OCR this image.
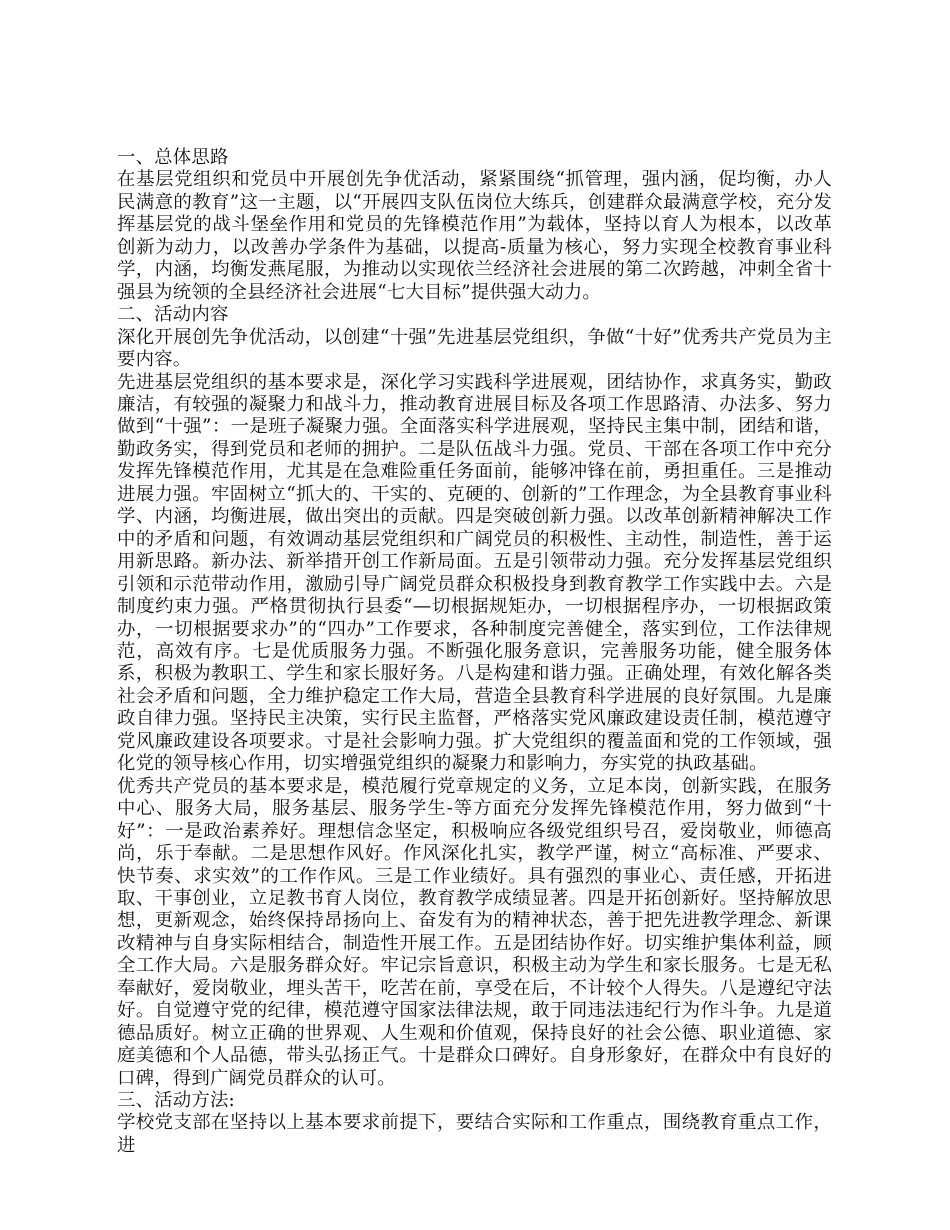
一、总体思路

在基层党组织和党员中开展创先争优活动，紧紧围绕“抓管理，强内涵，促均衡，办人民满意的教育”这一主题，以“开展四支队伍岗位大练兵，创建群众最满意学校，充分发挥基层党的战斗堡垒作用和党员的先锋模范作用”为载体，坚持以育人为根本，以改革创新为动力，以改善办学条件为基础，以提高-质量为核心，努力实现全校教育事业科学，内涵，均衡发燕尾服，为推动以实现依兰经济社会进展的第二次跨越，冲刺全省十强县为统领的全县经济社会进展“七大目标”提供强大动力。

二、活动内容

深化开展创先争优活动，以创建“十强”先进基层党组织，争做“十好”优秀共产党员为主要内容。

先进基层党组织的基本要求是，深化学习实践科学进展观，团结协作，求真务实，勤政廉洁，有较强的凝聚力和战斗力，推动教育进展目标及各项工作思路清、办法多、努力做到“十强”：一是班子凝聚力强。全面落实科学进展观，坚持民主集中制，团结和谐，勤政务实，得到党员和老师的拥护。二是队伍战斗力强。党员、干部在各项工作中充分发挥先锋模范作用，尤其是在急难险重任务面前，能够冲锋在前，勇担重任。三是推动进展力强。牢固树立“抓大的、干实的、克硬的、创新的”工作理念，为全县教育事业科学、内涵，均衡进展，做出突出的贡献。四是突破创新力强。以改革创新精神解决工作中的矛盾和问题，有效调动基层党组织和广阔党员的积极性、主动性，制造性，善于运用新思路。新办法、新举措开创工作新局面。五是引领带动力强。充分发挥基层党组织引领和示范带动作用，激励引导广阔党员群众积极投身到教育教学工作实践中去。六是制度约束力强。严格贯彻执行县委“—切根据规矩办，一切根据程序办，一切根据政策办，一切根据要求办”的“四办”工作要求，各种制度完善健全，落实到位，工作法律规范，高效有序。七是优质服务力强。不断强化服务意识，完善服务功能，健全服务体系，积极为教职工、学生和家长服好务。八是构建和谐力强。正确处理，有效化解各类社会矛盾和问题，全力维护稳定工作大局，营造全县教育科学进展的良好氛围。九是廉政自律力强。坚持民主决策，实行民主监督，严格落实党风廉政建设责任制，模范遵守党风廉政建设各项要求。寸是社会影响力强。扩大党组织的覆盖面和党的工作领域，强化党的领导核心作用，切实增强党组织的凝聚力和影响力，夯实党的执政基础。

优秀共产党员的基本要求是，模范履行党章规定的义务，立足本岗，创新实践，在服务中心、服务大局，服务基层、服务学生-等方面充分发挥先锋模范作用，努力做到“十好”：一是政治素养好。理想信念坚定，积极响应各级党组织号召，爱岗敬业，师德高尚，乐于奉献。二是思想作风好。作风深化扎实，教学严谨，树立“高标准、严要求、快节奏、求实效”的工作作风。三是工作业绩好。具有强烈的事业心、责任感，开拓进取、干事创业，立足教书育人岗位，教育教学成绩显著。四是开拓创新好。坚持解放思想，更新观念，始终保持昂扬向上、奋发有为的精神状态，善于把先进教学理念、新课改精神与自身实际相结合，制造性开展工作。五是团结协作好。切实维护集体利益，顾全工作大局。六是服务群众好。牢记宗旨意识，积极主动为学生和家长服务。七是无私奉献好，爱岗敬业，埋头苦干，吃苦在前，享受在后，不计较个人得失。八是遵纪守法好。自觉遵守党的纪律，模范遵守国家法律法规，敢于同违法违纪行为作斗争。九是道德品质好。树立正确的世界观、人生观和价值观，保持良好的社会公德、职业道德、家庭美德和个人品德，带头弘扬正气。十是群众口碑好。自身形象好，在群众中有良好的口碑，得到广阔党员群众的认可。

三、活动方法:

学校党支部在坚持以上基本要求前提下，要结合实际和工作重点，围绕教育重点工作，进
